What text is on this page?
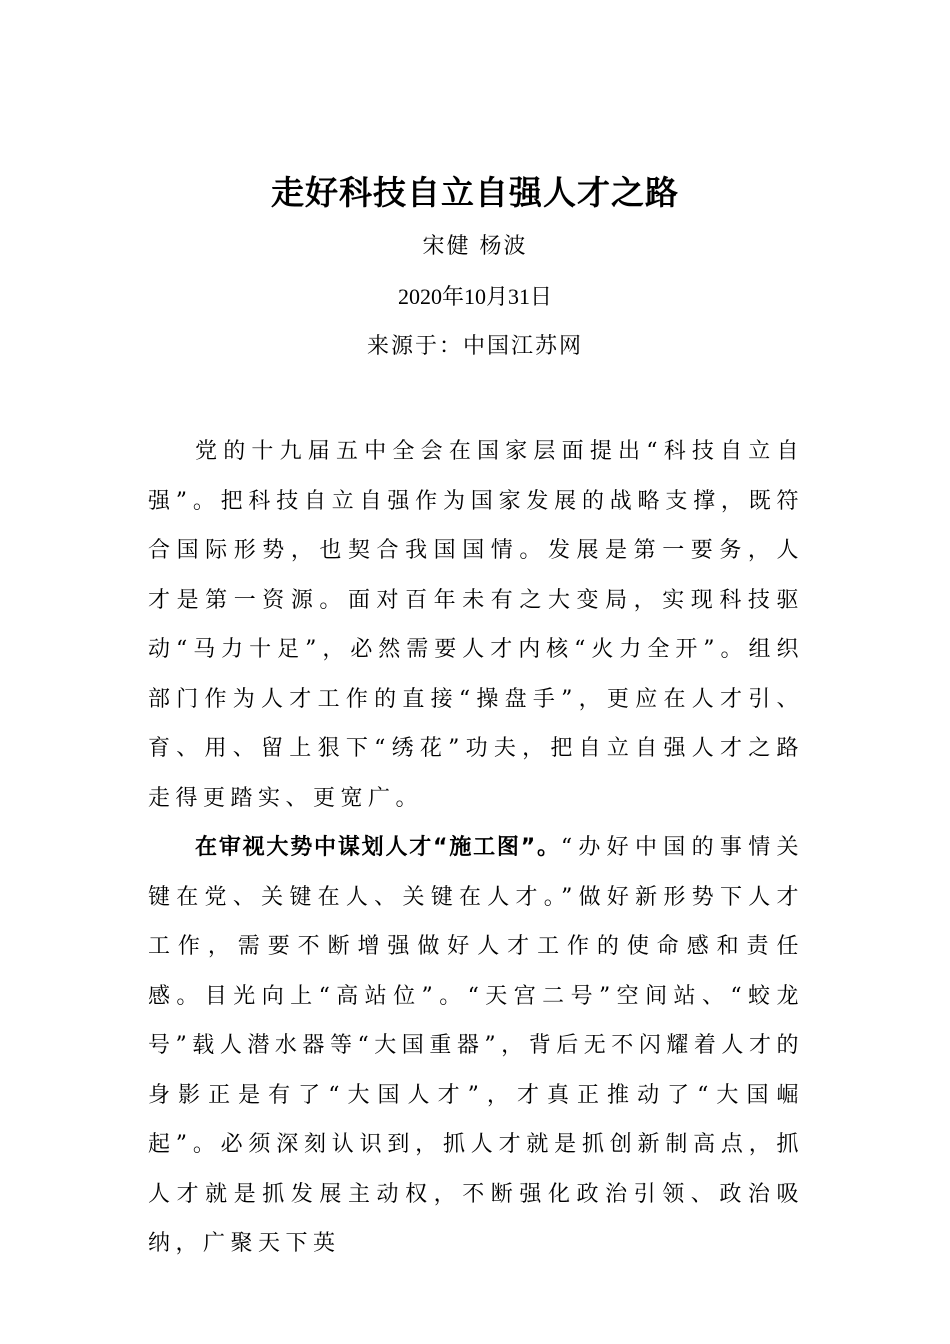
走好科技自立自强人才之路
宋健 杨波
2020年10月31日
来源于：中国江苏网

党的十九届五中全会在国家层面提出“科技自立自强”。把科技自立自强作为国家发展的战略支撑，既符合国际形势，也契合我国国情。发展是第一要务，人才是第一资源。面对百年未有之大变局，实现科技驱动“马力十足”，必然需要人才内核“火力全开”。组织部门作为人才工作的直接“操盘手”，更应在人才引、育、用、留上狠下“绣花”功夫，把自立自强人才之路走得更踏实、更宽广。

在审视大势中谋划人才“施工图”。“办好中国的事情关键在党、关键在人、关键在人才。”做好新形势下人才工作，需要不断增强做好人才工作的使命感和责任感。目光向上“高站位”。“天宫二号”空间站、“蛟龙号”载人潜水器等“大国重器”，背后无不闪耀着人才的身影正是有了“大国人才”，才真正推动了“大国崛起”。必须深刻认识到，抓人才就是抓创新制高点，抓人才就是抓发展主动权，不断强化政治引领、政治吸纳，广聚天下英
